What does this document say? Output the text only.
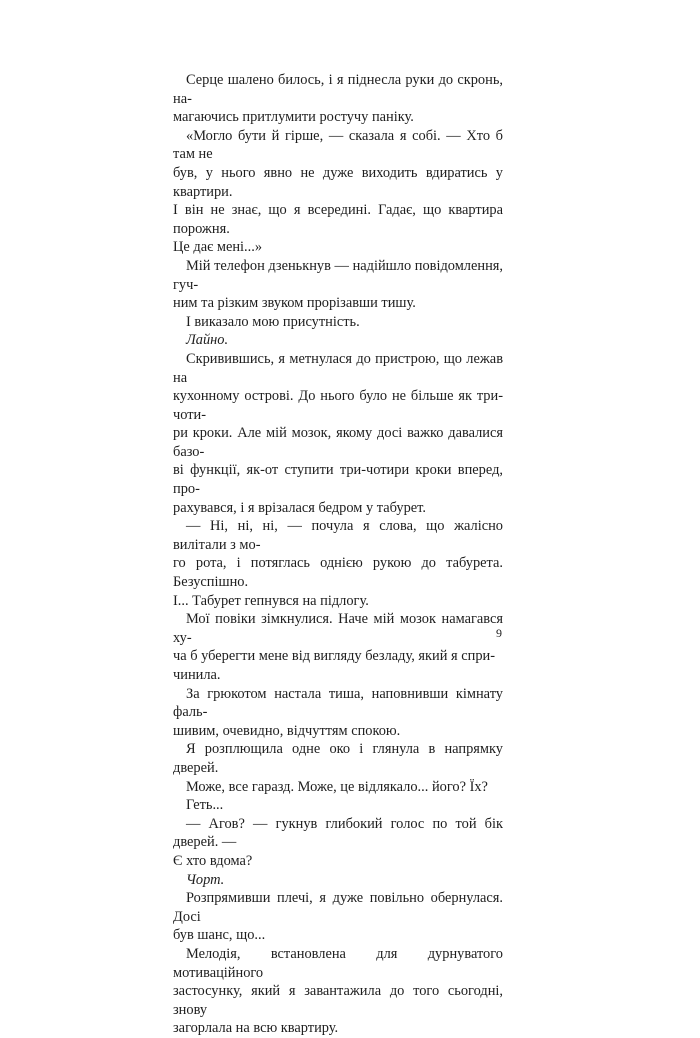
Серце шалено билось, і я піднесла руки до скронь, на-
магаючись притлумити ростучу паніку.

«Могло бути й гірше, — сказала я собі. — Хто б там не
був, у нього явно не дуже виходить вдиратись у квартири.
І він не знає, що я всередині. Гадає, що квартира порожня.
Це дає мені...»

Мій телефон дзенькнув — надійшло повідомлення, гуч-
ним та різким звуком прорізавши тишу.

І виказало мою присутність.

Лайно.

Скривившись, я метнулася до пристрою, що лежав на
кухонному острові. До нього було не більше як три-чоти-
ри кроки. Але мій мозок, якому досі важко давалися базо-
ві функції, як-от ступити три-чотири кроки вперед, про-
рахувався, і я врізалася бедром у табурет.

— Ні, ні, ні, — почула я слова, що жалісно вилітали з мо-
го рота, і потяглась однією рукою до табурета. Безуспішно.
І... Табурет гепнувся на підлогу.

Мої повіки зімкнулися. Наче мій мозок намагався ху-
ча б уберегти мене від вигляду безладу, який я спри-
чинила.

За грюкотом настала тиша, наповнивши кімнату фаль-
шивим, очевидно, відчуттям спокою.

Я розплющила одне око і глянула в напрямку дверей.

Може, все гаразд. Може, це відлякало... його? Їх?

Геть...

— Агов? — гукнув глибокий голос по той бік дверей. —
Є хто вдома?

Чорт.

Розпрямивши плечі, я дуже повільно обернулася. Досі
був шанс, що...

Мелодія, встановлена для дурнуватого мотиваційного
застосунку, який я завантажила до того сьогодні, знову
загорлала на всю квартиру.

9
